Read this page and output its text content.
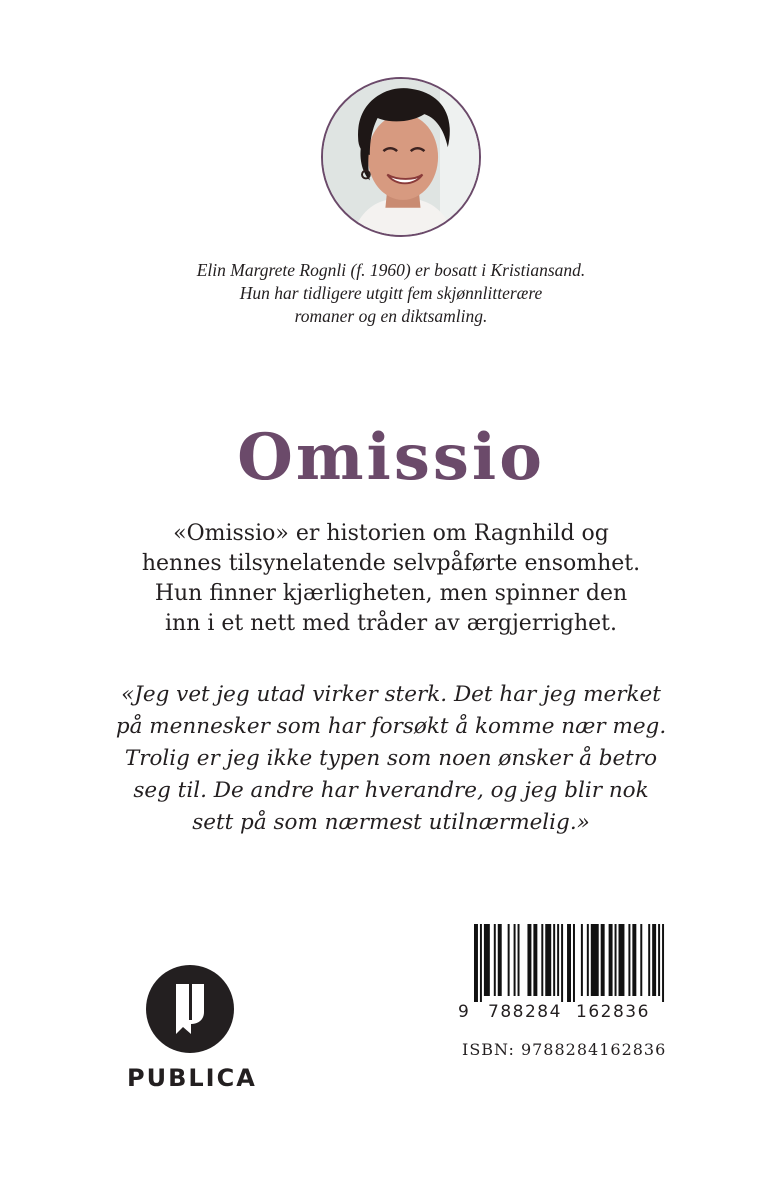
Elin Margrete Rognli (f. 1960) er bosatt i Kristiansand.
Hun har tidligere utgitt fem skjønnlitterære
romaner og en diktsamling.
Omissio
«Omissio» er historien om Ragnhild og
hennes tilsynelatende selvpåførte ensomhet.
Hun finner kjærligheten, men spinner den
inn i et nett med tråder av ærgjerrighet.
«Jeg vet jeg utad virker sterk. Det har jeg merket
på mennesker som har forsøkt å komme nær meg.
Trolig er jeg ikke typen som noen ønsker å betro
seg til. De andre har hverandre, og jeg blir nok
sett på som nærmest utilnærmelig.»
PUBLICA
9 788284 162836
ISBN: 9788284162836
